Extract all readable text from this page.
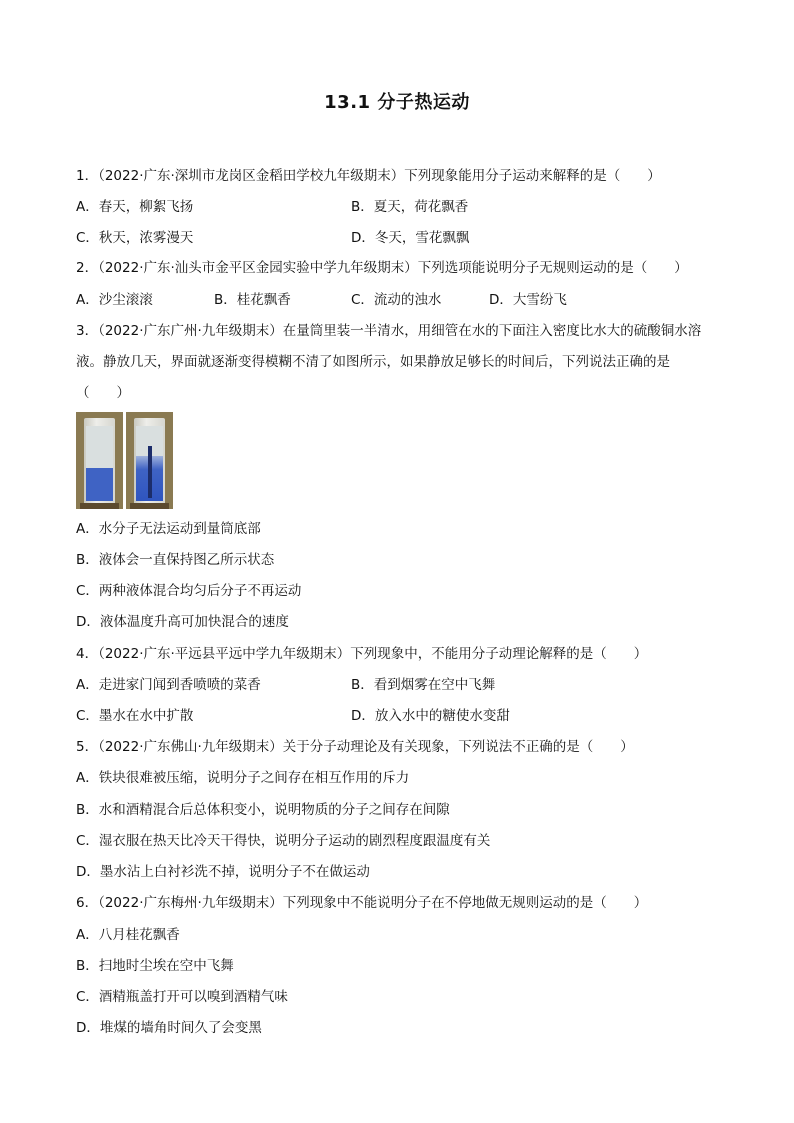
13.1 分子热运动
1．（2022·广东·深圳市龙岗区金稻田学校九年级期末）下列现象能用分子运动来解释的是（　　）
A．春天，柳絮飞扬	B．夏天，荷花飘香
C．秋天，浓雾漫天	D．冬天，雪花飘飘
2．（2022·广东·汕头市金平区金园实验中学九年级期末）下列选项能说明分子无规则运动的是（　　）
A．沙尘滚滚	B．桂花飘香	C．流动的浊水	D．大雪纷飞
3．（2022·广东广州·九年级期末）在量筒里装一半清水，用细管在水的下面注入密度比水大的硫酸铜水溶
液。静放几天，界面就逐渐变得模糊不清了如图所示，如果静放足够长的时间后，下列说法正确的是
（　　）
A．水分子无法运动到量筒底部
B．液体会一直保持图乙所示状态
C．两种液体混合均匀后分子不再运动
D．液体温度升高可加快混合的速度
4．（2022·广东·平远县平远中学九年级期末）下列现象中，不能用分子动理论解释的是（　　）
A．走进家门闻到香喷喷的菜香	B．看到烟雾在空中飞舞
C．墨水在水中扩散	D．放入水中的糖使水变甜
5．（2022·广东佛山·九年级期末）关于分子动理论及有关现象，下列说法不正确的是（　　）
A．铁块很难被压缩，说明分子之间存在相互作用的斥力
B．水和酒精混合后总体积变小，说明物质的分子之间存在间隙
C．湿衣服在热天比冷天干得快，说明分子运动的剧烈程度跟温度有关
D．墨水沾上白衬衫洗不掉，说明分子不在做运动
6．（2022·广东梅州·九年级期末）下列现象中不能说明分子在不停地做无规则运动的是（　　）
A．八月桂花飘香
B．扫地时尘埃在空中飞舞
C．酒精瓶盖打开可以嗅到酒精气味
D．堆煤的墙角时间久了会变黑
